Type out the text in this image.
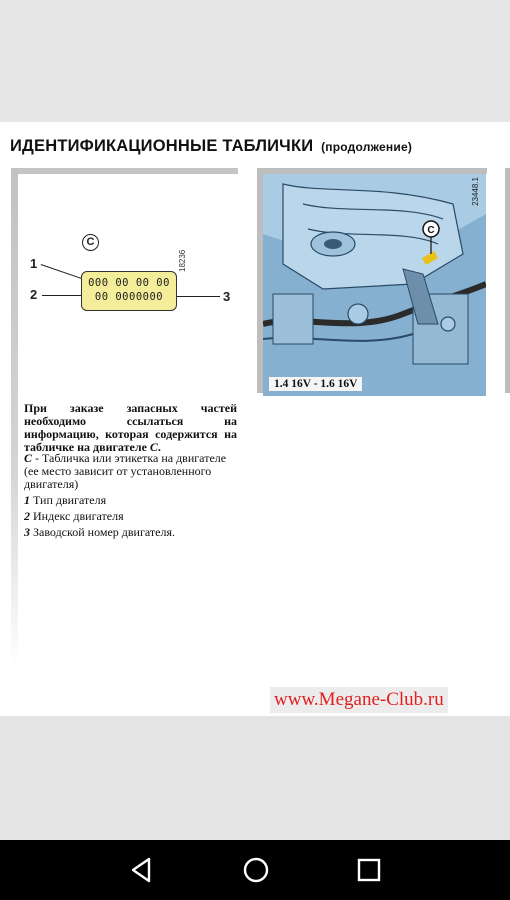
ИДЕНТИФИКАЦИОННЫЕ ТАБЛИЧКИ (продолжение)
C
18236
1
2	3
000 00 00 00
00 0000000
C
23448.1
1.4 16V - 1.6 16V
При заказе запасных частей необходимо ссылаться на информацию, которая содержится на табличке на двигателе C.
C - Табличка или этикетка на двигателе (ее место зависит от установленного двигателя)
1 Тип двигателя
2 Индекс двигателя
3 Заводской номер двигателя.
www.Megane-Club.ru
